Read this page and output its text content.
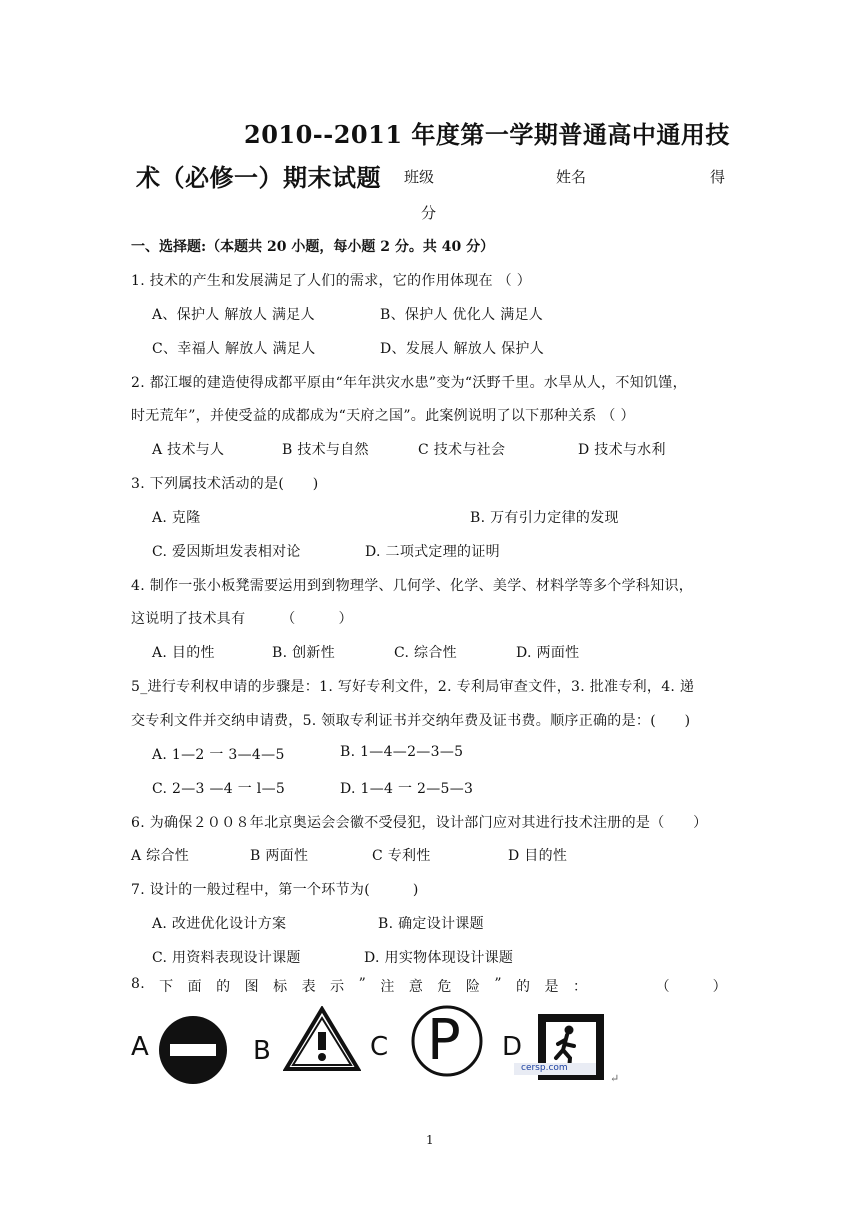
2010--2011 年度第一学期普通高中通用技
术（必修一）期末试题 班级	姓名	得
分
一、选择题:（本题共 20 小题，每小题 2 分。共 40 分）
1. 技术的产生和发展满足了人们的需求，它的作用体现在 （ ）
A、保护人 解放人 满足人	B、保护人 优化人 满足人
C、幸福人 解放人 满足人	D、发展人 解放人 保护人
2. 都江堰的建造使得成都平原由“年年洪灾水患”变为“沃野千里。水旱从人，不知饥馑，
时无荒年”，并使受益的成都成为“天府之国”。此案例说明了以下那种关系 （ ）
A 技术与人	B 技术与自然	C 技术与社会	D 技术与水利
3. 下列属技术活动的是(　　)
A. 克隆	B. 万有引力定律的发现
C. 爱因斯坦发表相对论	D. 二项式定理的证明
4. 制作一张小板凳需要运用到到物理学、几何学、化学、美学、材料学等多个学科知识，
这说明了技术具有　　　（　　　）
A. 目的性	B. 创新性	C. 综合性	D. 两面性
5_进行专利权申请的步骤是：1. 写好专利文件，2. 专利局审查文件，3. 批准专利，4. 递
交专利文件并交纳申请费，5. 领取专利证书并交纳年费及证书费。顺序正确的是：(　　)
A. 1—2 一 3—4—5	B. 1—4—2—3—5
C. 2—3 —4 一 l—5	D. 1—4 一 2—5—3
6. 为确保２００８年北京奥运会会徽不受侵犯，设计部门应对其进行技术注册的是（　　）
A 综合性	B 两面性	C 专利性	D 目的性
7. 设计的一般过程中，第一个环节为(　　　)
A. 改进优化设计方案	B. 确定设计课题
C. 用资料表现设计课题	D. 用实物体现设计课题
8. 下 面 的 图 标 表 示 ” 注 意 危 险 ” 的 是 ：	（
　	）
A	B	C P D
cersp.com
↵
1
